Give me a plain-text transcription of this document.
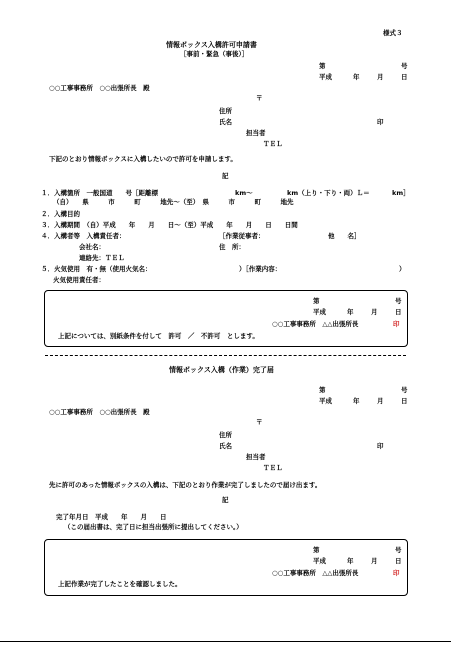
様式３
情報ボックス入構許可申請書
［事前・緊急（事後）］
第	号
平成	年	月	日
○○工事事務所　○○出張所長　殿
〒
住所
氏名	印
担当者
ＴＥＬ
下記のとおり情報ボックスに入構したいので許可を申請します。
記
１．入構箇所　一般国道　　号［距離標	km～	km（上り・下り・両）Ｌ＝	km］
（自）　　県　　　市　　　町　　　地先～（至）　県　　　市　　　町　　　地先
２．入構目的
３．入構期間　（自）平成　　年　　月　　日～（至）平成　　年　　月　　日　　日間
４．入構者等　入構責任者：	［作業従事者：	他　　名］
会社名：	住　所：
連絡先：ＴＥＬ
５．火気使用　有・無（使用火気名：	）［作業内容：	）
火気使用責任者：
第	号
平成	年	月	日
○○工事事務所　△△出張所長	印
上記については、別紙条件を付して　許可　／　不許可　とします。
情報ボックス入構（作業）完了届
第	号
平成	年	月	日
○○工事事務所　○○出張所長　殿
〒
住所
氏名	印
担当者
ＴＥＬ
先に許可のあった情報ボックスの入構は、下記のとおり作業が完了しましたので届け出ます。
記
完了年月日　平成　　年　　月　　日
（この届出書は、完了日に担当出張所に提出してください。）
第	号
平成	年	月	日
○○工事事務所　△△出張所長	印
上記作業が完了したことを確認しました。
